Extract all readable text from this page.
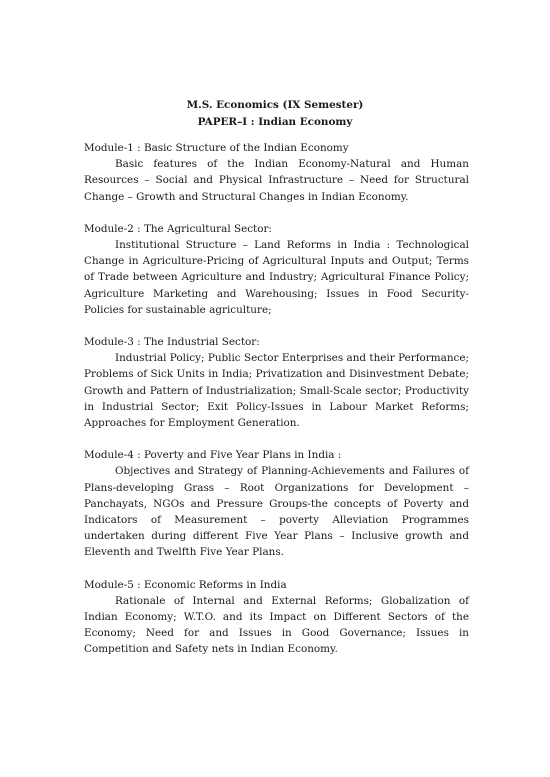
M.S. Economics (IX Semester)
PAPER–I : Indian Economy

Module-1 : Basic Structure of the Indian Economy

Basic features of the Indian Economy-Natural and Human Resources – Social and Physical Infrastructure – Need for Structural Change – Growth and Structural Changes in Indian Economy.

Module-2 : The Agricultural Sector:

Institutional Structure – Land Reforms in India : Technological Change in Agriculture-Pricing of Agricultural Inputs and Output; Terms of Trade between Agriculture and Industry; Agricultural Finance Policy; Agriculture Marketing and Warehousing; Issues in Food Security-Policies for sustainable agriculture;

Module-3 : The Industrial Sector:

Industrial Policy; Public Sector Enterprises and their Performance; Problems of Sick Units in India; Privatization and Disinvestment Debate; Growth and Pattern of Industrialization; Small-Scale sector; Productivity in Industrial Sector; Exit Policy-Issues in Labour Market Reforms; Approaches for Employment Generation.

Module-4 : Poverty and Five Year Plans in India :

Objectives and Strategy of Planning-Achievements and Failures of Plans-developing Grass – Root Organizations for Development – Panchayats, NGOs and Pressure Groups-the concepts of Poverty and Indicators of Measurement – poverty Alleviation Programmes undertaken during different Five Year Plans – Inclusive growth and Eleventh and Twelfth Five Year Plans.

Module-5 : Economic Reforms in India

Rationale of Internal and External Reforms; Globalization of Indian Economy; W.T.O. and its Impact on Different Sectors of the Economy; Need for and Issues in Good Governance; Issues in Competition and Safety nets in Indian Economy.
